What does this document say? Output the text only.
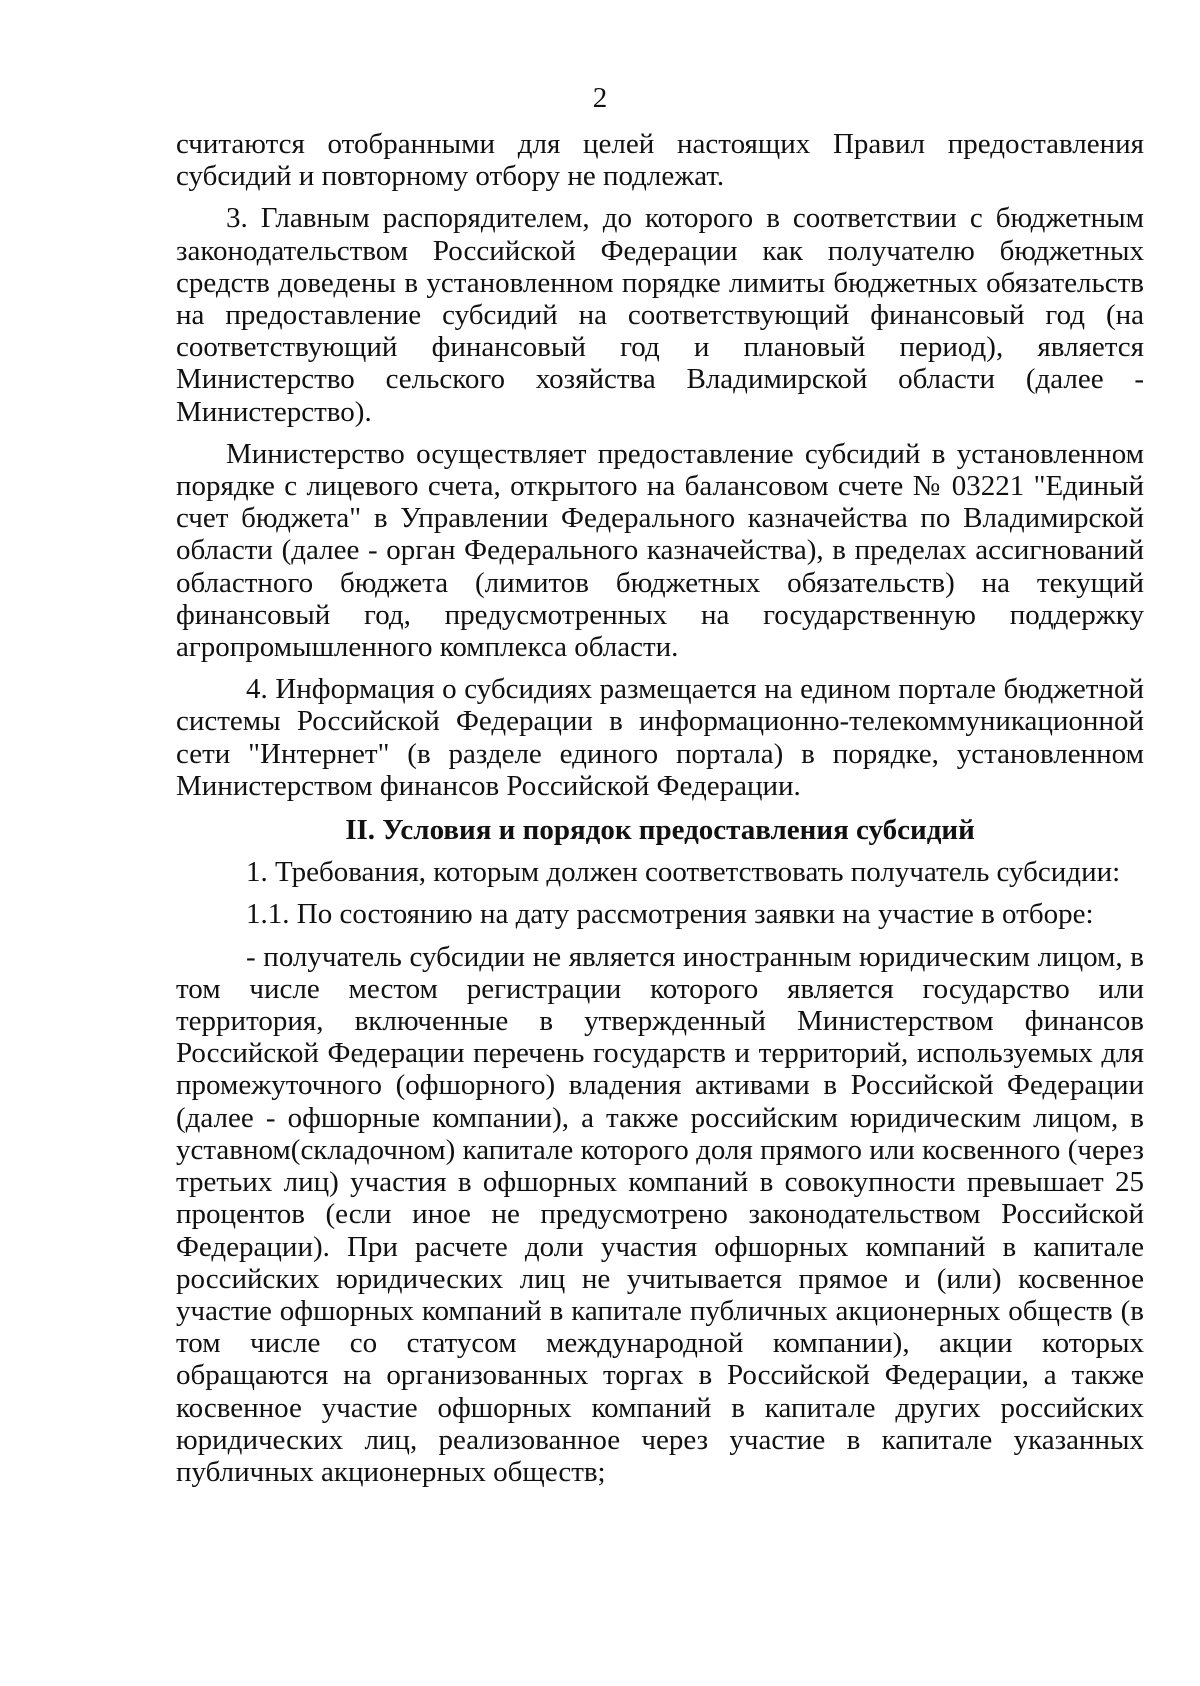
2

считаются отобранными для целей настоящих Правил предоставления субсидий и повторному отбору не подлежат.

3. Главным распорядителем, до которого в соответствии с бюджетным законодательством Российской Федерации как получателю бюджетных средств доведены в установленном порядке лимиты бюджетных обязательств на предоставление субсидий на соответствующий финансовый год (на соответствующий финансовый год и плановый период), является Министерство сельского хозяйства Владимирской области (далее - Министерство).

Министерство осуществляет предоставление субсидий в установленном порядке с лицевого счета, открытого на балансовом счете № 03221 "Единый счет бюджета" в Управлении Федерального казначейства по Владимирской области (далее - орган Федерального казначейства), в пределах ассигнований областного бюджета (лимитов бюджетных обязательств) на текущий финансовый год, предусмотренных на государственную поддержку агропромышленного комплекса области.

4. Информация о субсидиях размещается на едином портале бюджетной системы Российской Федерации в информационно-телекоммуникационной сети "Интернет" (в разделе единого портала) в порядке, установленном Министерством финансов Российской Федерации.

II. Условия и порядок предоставления субсидий

1. Требования, которым должен соответствовать получатель субсидии:

1.1. По состоянию на дату рассмотрения заявки на участие в отборе:

- получатель субсидии не является иностранным юридическим лицом, в том числе местом регистрации которого является государство или территория, включенные в утвержденный Министерством финансов Российской Федерации перечень государств и территорий, используемых для промежуточного (офшорного) владения активами в Российской Федерации (далее - офшорные компании), а также российским юридическим лицом, в уставном(складочном) капитале которого доля прямого или косвенного (через третьих лиц) участия в офшорных компаний в совокупности превышает 25 процентов (если иное не предусмотрено законодательством Российской Федерации). При расчете доли участия офшорных компаний в капитале российских юридических лиц не учитывается прямое и (или) косвенное участие офшорных компаний в капитале публичных акционерных обществ (в том числе со статусом международной компании), акции которых обращаются на организованных торгах в Российской Федерации, а также косвенное участие офшорных компаний в капитале других российских юридических лиц, реализованное через участие в капитале указанных публичных акционерных обществ;
